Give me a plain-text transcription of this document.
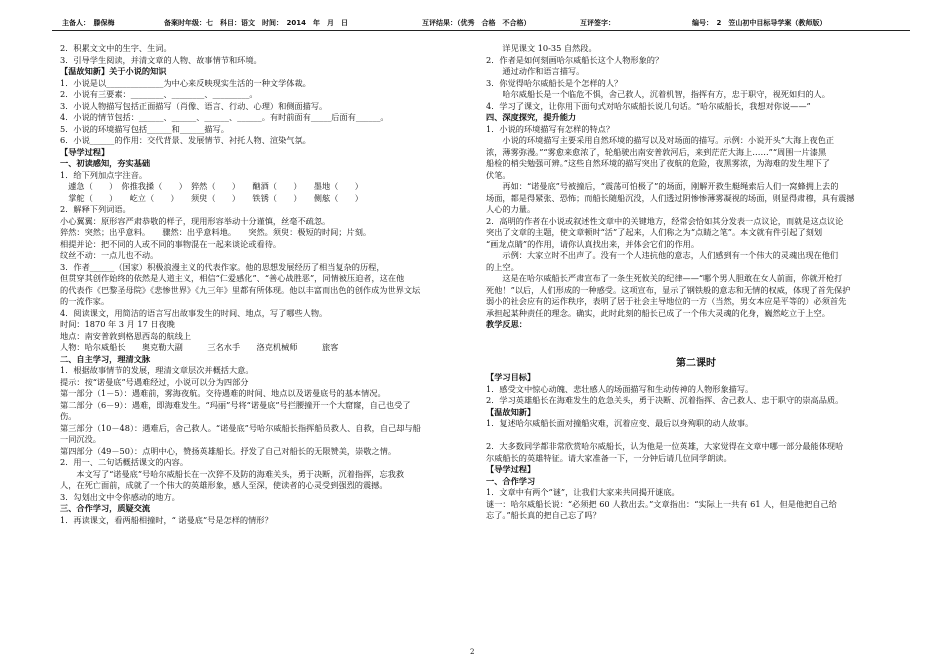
主备人：　滕保梅	备案时年级：七　科目：语文　时间：　2014　年　月　日	互评结果：（优秀　合格　不合格）	互评签字：	编号：　2　笠山初中目标导学案（教师版）

2．积累文文中的生字、生词。

3．引导学生阅读，并清文章的人物、故事情节和环境。

【温故知新】关于小说的知识

1．小说是以______________为中心来反映现实生活的一种文学体裁。

2．小说有三要素：________、________、_________。

3．小说人物描写包括正面描写（肖像、语言、行动、心理）和侧面描写。

4．小说的情节包括：______、______、______、______。有时前面有_____后面有______。

5．小说的环境描写包括______和______描写。

6．小说______的作用：交代背景、发展情节、衬托人物、渲染气氛。

【导学过程】

一、初读感知，夯实基础

1．给下列加点字注音。

　遽急（　　）　你推我搡（　　）　猝然（　　）　　酗酒（　　）　　墨地（　　）

　掌舵（　　）　　屹立（　　）　　须臾（　　）　　铁锈（　　）　　侧舷（　　）

2．解释下列词语。

小心翼翼：原形容严肃恭敬的样子，现用形容举动十分谨慎，丝毫不疏忽。

猝然：突然；出乎意料。　　骤然：出乎意料地。　　突然。须臾：极短的时间；片刻。

相提并论：把不同的人或不同的事物混在一起来谈论或看待。

纹丝不动：一点儿也不动。

3．作者______（国家）积极浪漫主义的代表作家。他的思想发展经历了相当复杂的历程，

但贯穿其创作始终的依然是人道主义，相信“仁爱感化”、“善心战胜恶”，同情被压迫者，这在他

的代表作《巴黎圣母院》《悲惨世界》《九三年》里都有所体现。他以丰富而出色的创作成为世界文坛

的一流作家。

4．阅读课文，用简洁的语言写出故事发生的时间、地点，写了哪些人物。

时间：1870 年 3 月 17 日夜晚

地点：南安普敦到格恩西岛的航线上

人物：哈尔威船长　　奥克勒大副　　　三名水手　　洛克机械师　　　旅客

二、自主学习，理清文脉

1．根据故事情节的发展，理清文章层次并概括大意。

提示：按“诺曼底”号遇难经过，小说可以分为四部分

第一部分（1－5）：遇难前，雾海夜航。交待遇难的时间、地点以及诺曼底号的基本情况。

第二部分（6－9）：遇难，即海难发生。“玛丽”号将“诺曼底”号拦腰撞开一个大窟窿，自己也受了

伤。

第三部分（10－48）：遇难后，舍己救人。“诺曼底”号哈尔威船长指挥船员救人、自救，自己却与船

一同沉没。

第四部分（49－50）：点明中心，赞扬英雄船长。抒发了自己对船长的无限赞美，崇敬之情。

2．用一、二句话概括课文的内容。

　　本文写了“诺曼底”号哈尔威船长在一次猝不及防的海难关头，勇于决断，沉着指挥，忘我救

人，在死亡面前，成就了一个伟大的英雄形象，感人至深，使读者的心灵受到强烈的震撼。

3．勾划出文中令你感动的地方。

三、合作学习，质疑交流

1．再读课文，看两船相撞时，“ 诺曼底”号是怎样的情形？

　　详见课文 10-35 自然段。

2．作者是如何刻画哈尔威船长这个人物形象的？

　　通过动作和语言描写。

3．你觉得哈尔威船长是个怎样的人？

　　哈尔威船长是一个临危不惧，舍己救人，沉着机智，指挥有方，忠于职守，视死如归的人。

4．学习了课文，让你用下面句式对哈尔威船长说几句话。“哈尔威船长，我想对你说——”

四、深度探究，提升能力

1．小说的环境描写有怎样的特点？

　　小说的环境描写主要采用自然环境的描写以及对场面的描写。示例：小说开头“大海上夜色正

浓，薄雾弥漫。”“雾愈来愈浓了，轮船驶出南安普敦河后，来到茫茫大海上……”“周围一片漆黑

船检的梢尖勉强可辨。”这些自然环境的描写突出了夜航的危险，夜黑雾浓，为海难的发生埋下了

伏笔。

　　再如：“诺曼底”号被撞后，“震荡可怕极了”的场面，刚解开救生艇绳索后人们一窝蜂拥上去的

场面，都是得紧张、恐怖；而船长随船沉没，人们透过阴惨惨薄雾凝视的场面，则显得肃穆，具有震撼

人心的力量。

2．高明的作者在小说或叙述性文章中的关键地方，经常会恰如其分发表一点议论，而就是这点议论

突出了文章的主题，使文章顿时“活”了起来，人们称之为“点睛之笔”。本文就有件引起了刻划

“画龙点睛”的作用，请你认真找出来，并体会它们的作用。

　　示例：大家立时不出声了。没有一个人违抗他的意志，人们感到有一个伟大的灵魂出现在他们

的上空。

　　这是在哈尔威船长严肃宣布了一条生死攸关的纪律——“哪个男人胆敢在女人前面，你就开枪打

死他！”以后，人们形成的一种感受。这项宣布，显示了钢铁般的意志和无情的权威，体现了首先保护

弱小的社会应有的运作秩序，表明了居于社会主导地位的一方（当然，男女本应是平等的）必须首先

承担起某种责任的理念。确实，此时此刻的船长已成了一个伟大灵魂的化身，巍然屹立于上空。

教学反思：

第二课时

【学习目标】

1．感受文中惊心动魄、悲壮感人的场面描写和生动传神的人物形象描写。

2．学习英雄船长在海难发生的危急关头，勇于决断、沉着指挥、舍己救人、忠于职守的崇高品质。

【温故知新】

1．复述哈尔威船长面对撞船灾难，沉着应变、最后以身殉职的动人故事。

2．大多数同学都非常欣赏哈尔威船长，认为他是一位英雄，大家觉得在文章中哪一部分最能体现哈

尔威船长的英雄特征。请大家准备一下，一分钟后请几位同学朗读。

【导学过程】

一、合作学习

1．文章中有两个“谜”，让我们大家来共同揭开谜底。

谜一：哈尔威船长说：“必须把 60 人救出去。”文章指出：“实际上一共有 61 人，但是他把自己给

忘了。”船长真的把自己忘了吗？

2
